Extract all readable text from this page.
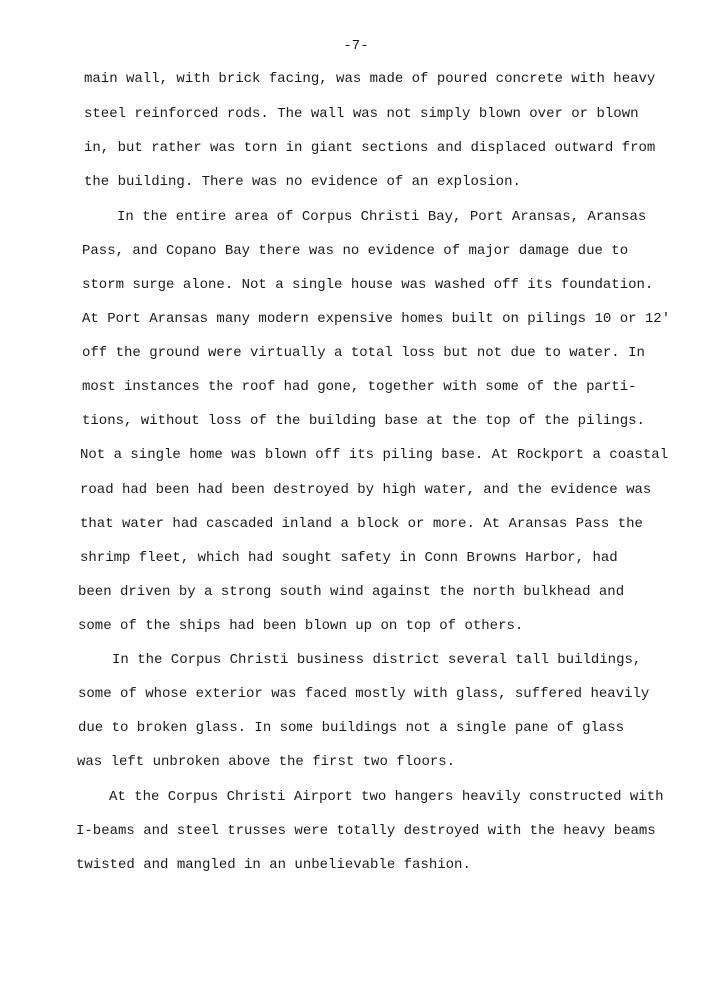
-7-
main wall, with brick facing, was made of poured concrete with heavy
steel reinforced rods. The wall was not simply blown over or blown
in, but rather was torn in giant sections and displaced outward from
the building. There was no evidence of an explosion.
In the entire area of Corpus Christi Bay, Port Aransas, Aransas
Pass, and Copano Bay there was no evidence of major damage due to
storm surge alone. Not a single house was washed off its foundation.
At Port Aransas many modern expensive homes built on pilings 10 or 12'
off the ground were virtually a total loss but not due to water. In
most instances the roof had gone, together with some of the parti-
tions, without loss of the building base at the top of the pilings.
Not a single home was blown off its piling base. At Rockport a coastal
road had been had been destroyed by high water, and the evidence was
that water had cascaded inland a block or more. At Aransas Pass the
shrimp fleet, which had sought safety in Conn Browns Harbor, had
been driven by a strong south wind against the north bulkhead and
some of the ships had been blown up on top of others.
In the Corpus Christi business district several tall buildings,
some of whose exterior was faced mostly with glass, suffered heavily
due to broken glass. In some buildings not a single pane of glass
was left unbroken above the first two floors.
At the Corpus Christi Airport two hangers heavily constructed with
I-beams and steel trusses were totally destroyed with the heavy beams
twisted and mangled in an unbelievable fashion.
